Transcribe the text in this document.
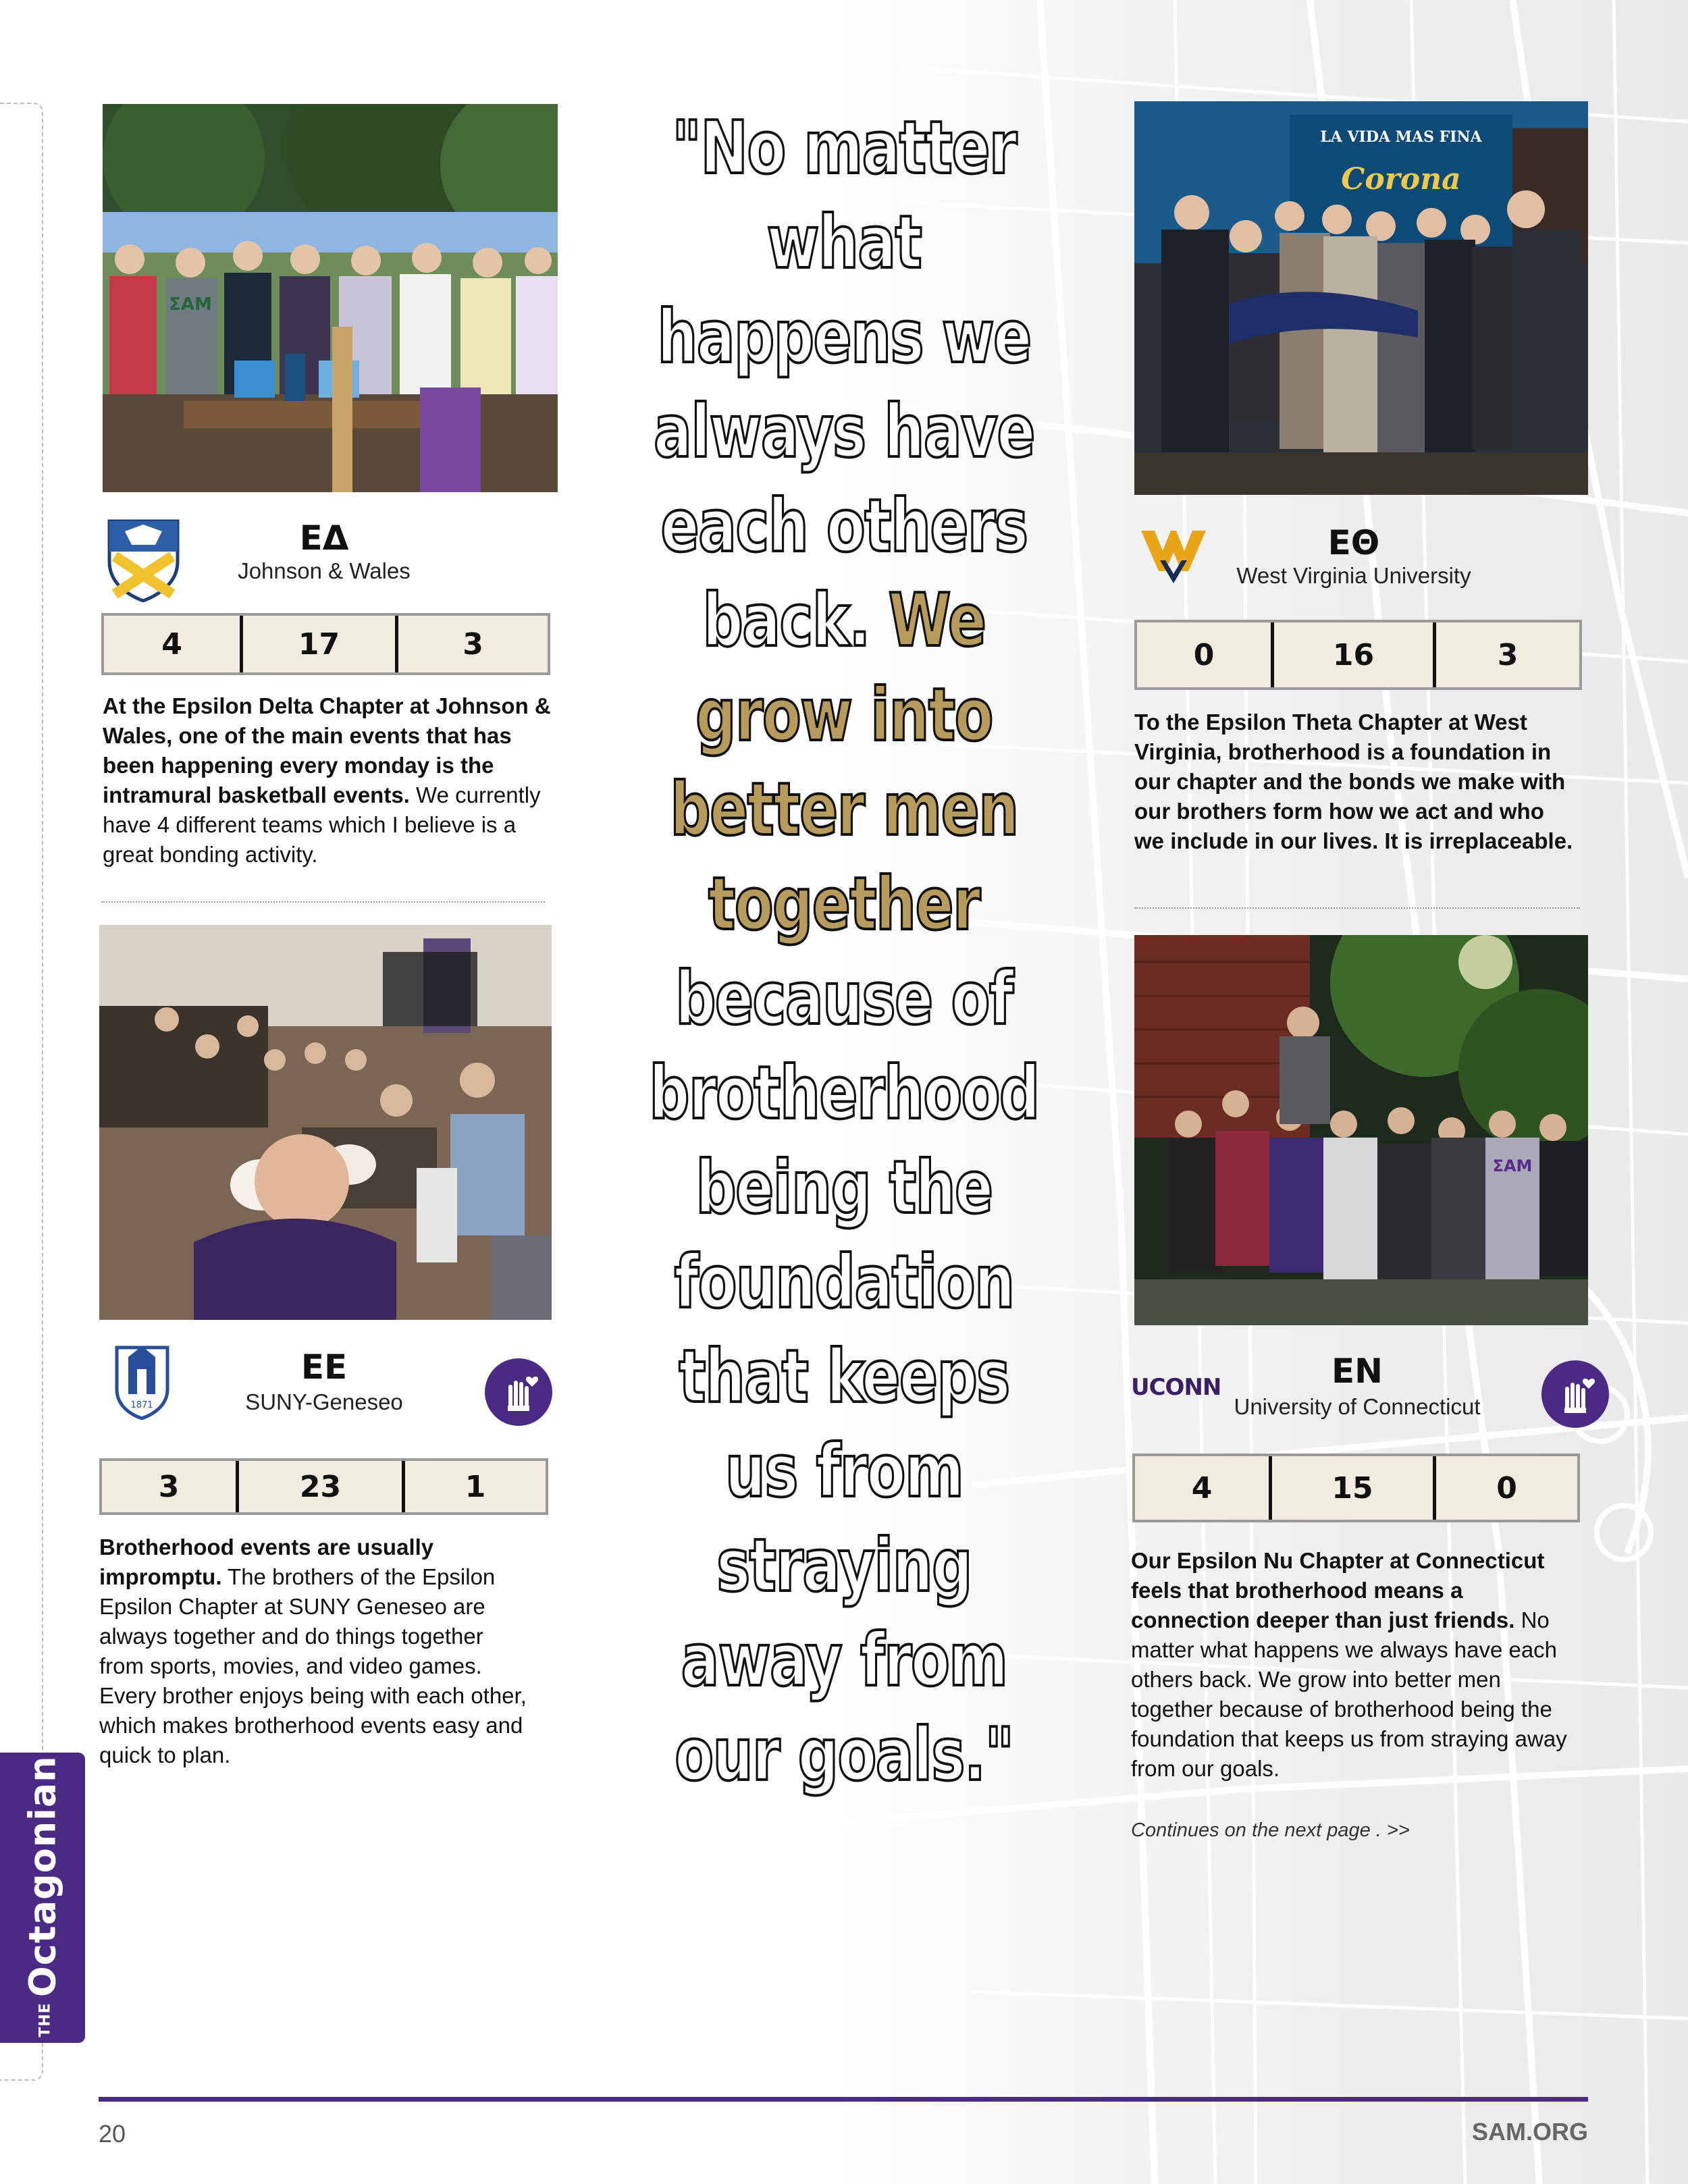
ΣΑΜ
ΕΔ
Johnson & Wales
4	17	3
At the Epsilon Delta Chapter at Johnson & Wales, one of the main events that has been happening every monday is the intramural basketball events. We currently have 4 different teams which I believe is a great bonding activity.
1871
EE
SUNY-Geneseo
3	23	1
Brotherhood events are usually impromptu. The brothers of the Epsilon Epsilon Chapter at SUNY Geneseo are always together and do things together from sports, movies, and video games. Every brother enjoys being with each other, which makes brotherhood events easy and quick to plan.
"No matter what happens we always have each others back. We grow into better men together because of brotherhood being the foundation that keeps us from straying away from our goals."
LA VIDA MAS FINA
Corona
ΕΘ
West Virginia University
0	16	3
To the Epsilon Theta Chapter at West Virginia, brotherhood is a foundation in our chapter and the bonds we make with our brothers form how we act and who we include in our lives. It is irreplaceable.
ΣΑΜ
UCONN	EN
University of Connecticut
4	15	0
Our Epsilon Nu Chapter at Connecticut feels that brotherhood means a connection deeper than just friends. No matter what happens we always have each others back. We grow into better men together because of brotherhood being the foundation that keeps us from straying away from our goals.
Continues on the next page . >>
THEOctagonian
20	SAM.ORG
